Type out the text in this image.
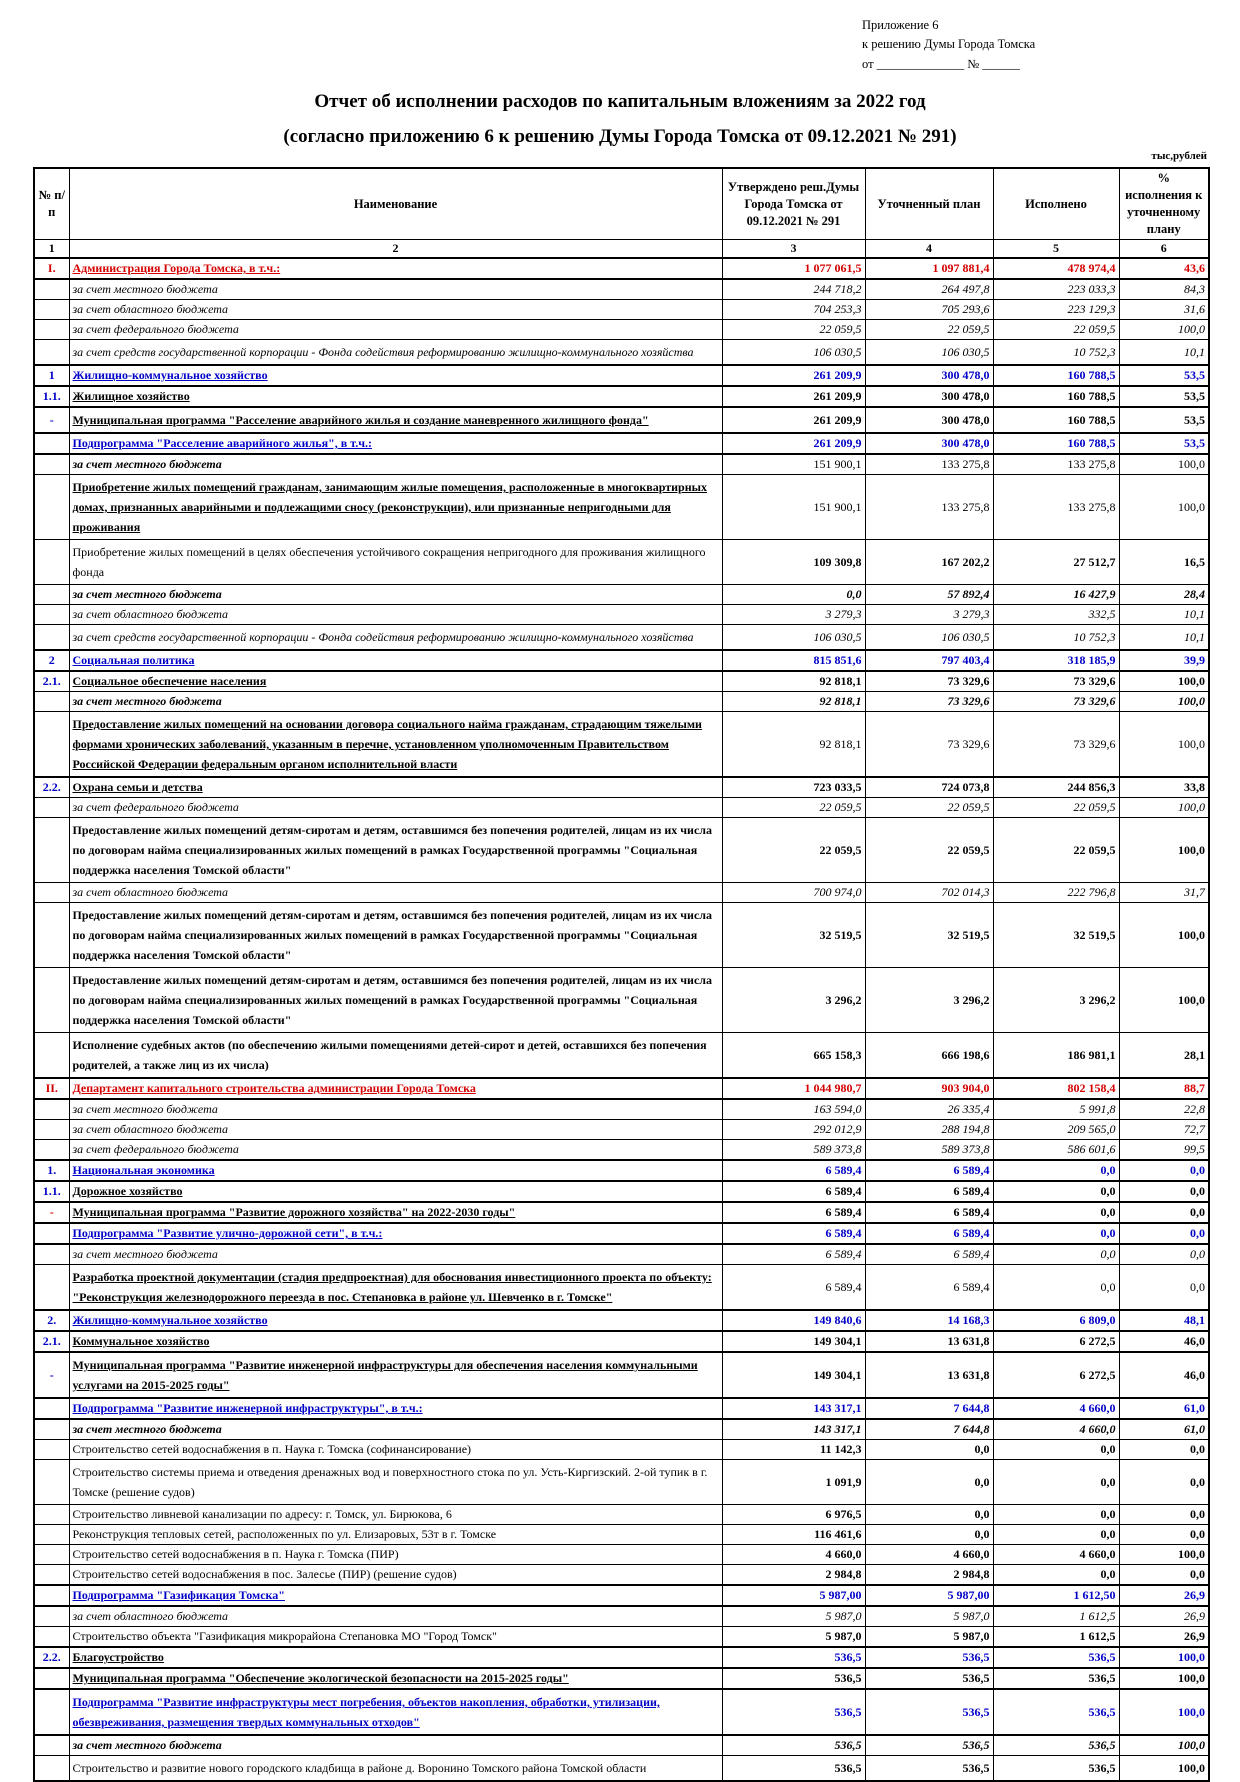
Приложение 6
к решению Думы Города Томска
от ______________ № ______
Отчет об исполнении расходов по капитальным вложениям за 2022 год
(согласно приложению 6 к решению Думы Города Томска от 09.12.2021 № 291)
тыс,рублей
№ п/п	Наименование	Утверждено реш.Думы Города Томска от 09.12.2021 № 291	Уточненный план	Исполнено	% исполнения к уточненному плану
1	2	3	4	5	6
I.	Администрация Города Томска, в т.ч.:	1 077 061,5	1 097 881,4	478 974,4	43,6
	за счет местного бюджета	244 718,2	264 497,8	223 033,3	84,3
	за счет областного бюджета	704 253,3	705 293,6	223 129,3	31,6
	за счет федерального бюджета	22 059,5	22 059,5	22 059,5	100,0
	за счет средств государственной корпорации - Фонда содействия реформированию жилищно-коммунального хозяйства	106 030,5	106 030,5	10 752,3	10,1
1	Жилищно-коммунальное хозяйство	261 209,9	300 478,0	160 788,5	53,5
1.1.	Жилищное хозяйство	261 209,9	300 478,0	160 788,5	53,5
-	Муниципальная программа "Расселение аварийного жилья и создание маневренного жилищного фонда"	261 209,9	300 478,0	160 788,5	53,5
	Подпрограмма "Расселение аварийного жилья", в т.ч.:	261 209,9	300 478,0	160 788,5	53,5
	за счет местного бюджета	151 900,1	133 275,8	133 275,8	100,0
	Приобретение жилых помещений гражданам, занимающим жилые помещения, расположенные в многоквартирных домах, признанных аварийными и подлежащими сносу (реконструкции), или признанные непригодными для проживания	151 900,1	133 275,8	133 275,8	100,0
	Приобретение жилых помещений в целях обеспечения устойчивого сокращения непригодного для проживания жилищного фонда	109 309,8	167 202,2	27 512,7	16,5
	за счет местного бюджета	0,0	57 892,4	16 427,9	28,4
	за счет областного бюджета	3 279,3	3 279,3	332,5	10,1
	за счет средств государственной корпорации - Фонда содействия реформированию жилищно-коммунального хозяйства	106 030,5	106 030,5	10 752,3	10,1
2	Социальная политика	815 851,6	797 403,4	318 185,9	39,9
2.1.	Социальное обеспечение населения	92 818,1	73 329,6	73 329,6	100,0
	за счет местного бюджета	92 818,1	73 329,6	73 329,6	100,0
	Предоставление жилых помещений на основании договора социального найма гражданам, страдающим тяжелыми формами хронических заболеваний, указанным в перечне, установленном уполномоченным Правительством Российской Федерации федеральным органом исполнительной власти	92 818,1	73 329,6	73 329,6	100,0
2.2.	Охрана семьи и детства	723 033,5	724 073,8	244 856,3	33,8
	за счет федерального бюджета	22 059,5	22 059,5	22 059,5	100,0
	Предоставление жилых помещений детям-сиротам и детям, оставшимся без попечения родителей, лицам из их числа по договорам найма специализированных жилых помещений в рамках Государственной программы "Социальная поддержка населения Томской области"	22 059,5	22 059,5	22 059,5	100,0
	за счет областного бюджета	700 974,0	702 014,3	222 796,8	31,7
	Предоставление жилых помещений детям-сиротам и детям, оставшимся без попечения родителей, лицам из их числа по договорам найма специализированных жилых помещений в рамках Государственной программы "Социальная поддержка населения Томской области"	32 519,5	32 519,5	32 519,5	100,0
	Предоставление жилых помещений детям-сиротам и детям, оставшимся без попечения родителей, лицам из их числа по договорам найма специализированных жилых помещений в рамках Государственной программы "Социальная поддержка населения Томской области"	3 296,2	3 296,2	3 296,2	100,0
	Исполнение судебных актов (по обеспечению жилыми помещениями детей-сирот и детей, оставшихся без попечения родителей, а также лиц из их числа)	665 158,3	666 198,6	186 981,1	28,1
II.	Департамент капитального строительства администрации Города Томска	1 044 980,7	903 904,0	802 158,4	88,7
	за счет местного бюджета	163 594,0	26 335,4	5 991,8	22,8
	за счет областного бюджета	292 012,9	288 194,8	209 565,0	72,7
	за счет федерального бюджета	589 373,8	589 373,8	586 601,6	99,5
1.	Национальная экономика	6 589,4	6 589,4	0,0	0,0
1.1.	Дорожное хозяйство	6 589,4	6 589,4	0,0	0,0
-	Муниципальная программа "Развитие дорожного хозяйства" на 2022-2030 годы"	6 589,4	6 589,4	0,0	0,0
	Подпрограмма "Развитие улично-дорожной сети", в т.ч.:	6 589,4	6 589,4	0,0	0,0
	за счет местного бюджета	6 589,4	6 589,4	0,0	0,0
	Разработка проектной документации (стадия предпроектная) для обоснования инвестиционного проекта по объекту: "Реконструкция железнодорожного переезда в пос. Степановка в районе ул. Шевченко в г. Томске"	6 589,4	6 589,4	0,0	0,0
2.	Жилищно-коммунальное хозяйство	149 840,6	14 168,3	6 809,0	48,1
2.1.	Коммунальное хозяйство	149 304,1	13 631,8	6 272,5	46,0
-	Муниципальная программа "Развитие инженерной инфраструктуры для обеспечения населения коммунальными услугами на 2015-2025 годы"	149 304,1	13 631,8	6 272,5	46,0
	Подпрограмма "Развитие инженерной инфраструктуры", в т.ч.:	143 317,1	7 644,8	4 660,0	61,0
	за счет местного бюджета	143 317,1	7 644,8	4 660,0	61,0
	Строительство сетей водоснабжения в п. Наука г. Томска (софинансирование)	11 142,3	0,0	0,0	0,0
	Строительство системы приема и отведения дренажных вод и поверхностного стока по ул. Усть-Киргизский. 2-ой тупик в г. Томске (решение судов)	1 091,9	0,0	0,0	0,0
	Строительство ливневой канализации по адресу: г. Томск, ул. Бирюкова, 6	6 976,5	0,0	0,0	0,0
	Реконструкция тепловых сетей, расположенных по ул. Елизаровых, 53т в г. Томске	116 461,6	0,0	0,0	0,0
	Строительство сетей водоснабжения в п. Наука г. Томска (ПИР)	4 660,0	4 660,0	4 660,0	100,0
	Строительство сетей водоснабжения в пос. Залесье (ПИР) (решение судов)	2 984,8	2 984,8	0,0	0,0
	Подпрограмма "Газификация Томска"	5 987,00	5 987,00	1 612,50	26,9
	за счет областного бюджета	5 987,0	5 987,0	1 612,5	26,9
	Строительство объекта "Газификация микрорайона Степановка МО "Город Томск"	5 987,0	5 987,0	1 612,5	26,9
2.2.	Благоустройство	536,5	536,5	536,5	100,0
	Муниципальная программа "Обеспечение экологической безопасности на 2015-2025 годы"	536,5	536,5	536,5	100,0
	Подпрограмма "Развитие инфраструктуры мест погребения, объектов накопления, обработки, утилизации, обезвреживания, размещения твердых коммунальных отходов"	536,5	536,5	536,5	100,0
	за счет местного бюджета	536,5	536,5	536,5	100,0
	Строительство и развитие нового городского кладбища в районе д. Воронино Томского района Томской области	536,5	536,5	536,5	100,0
